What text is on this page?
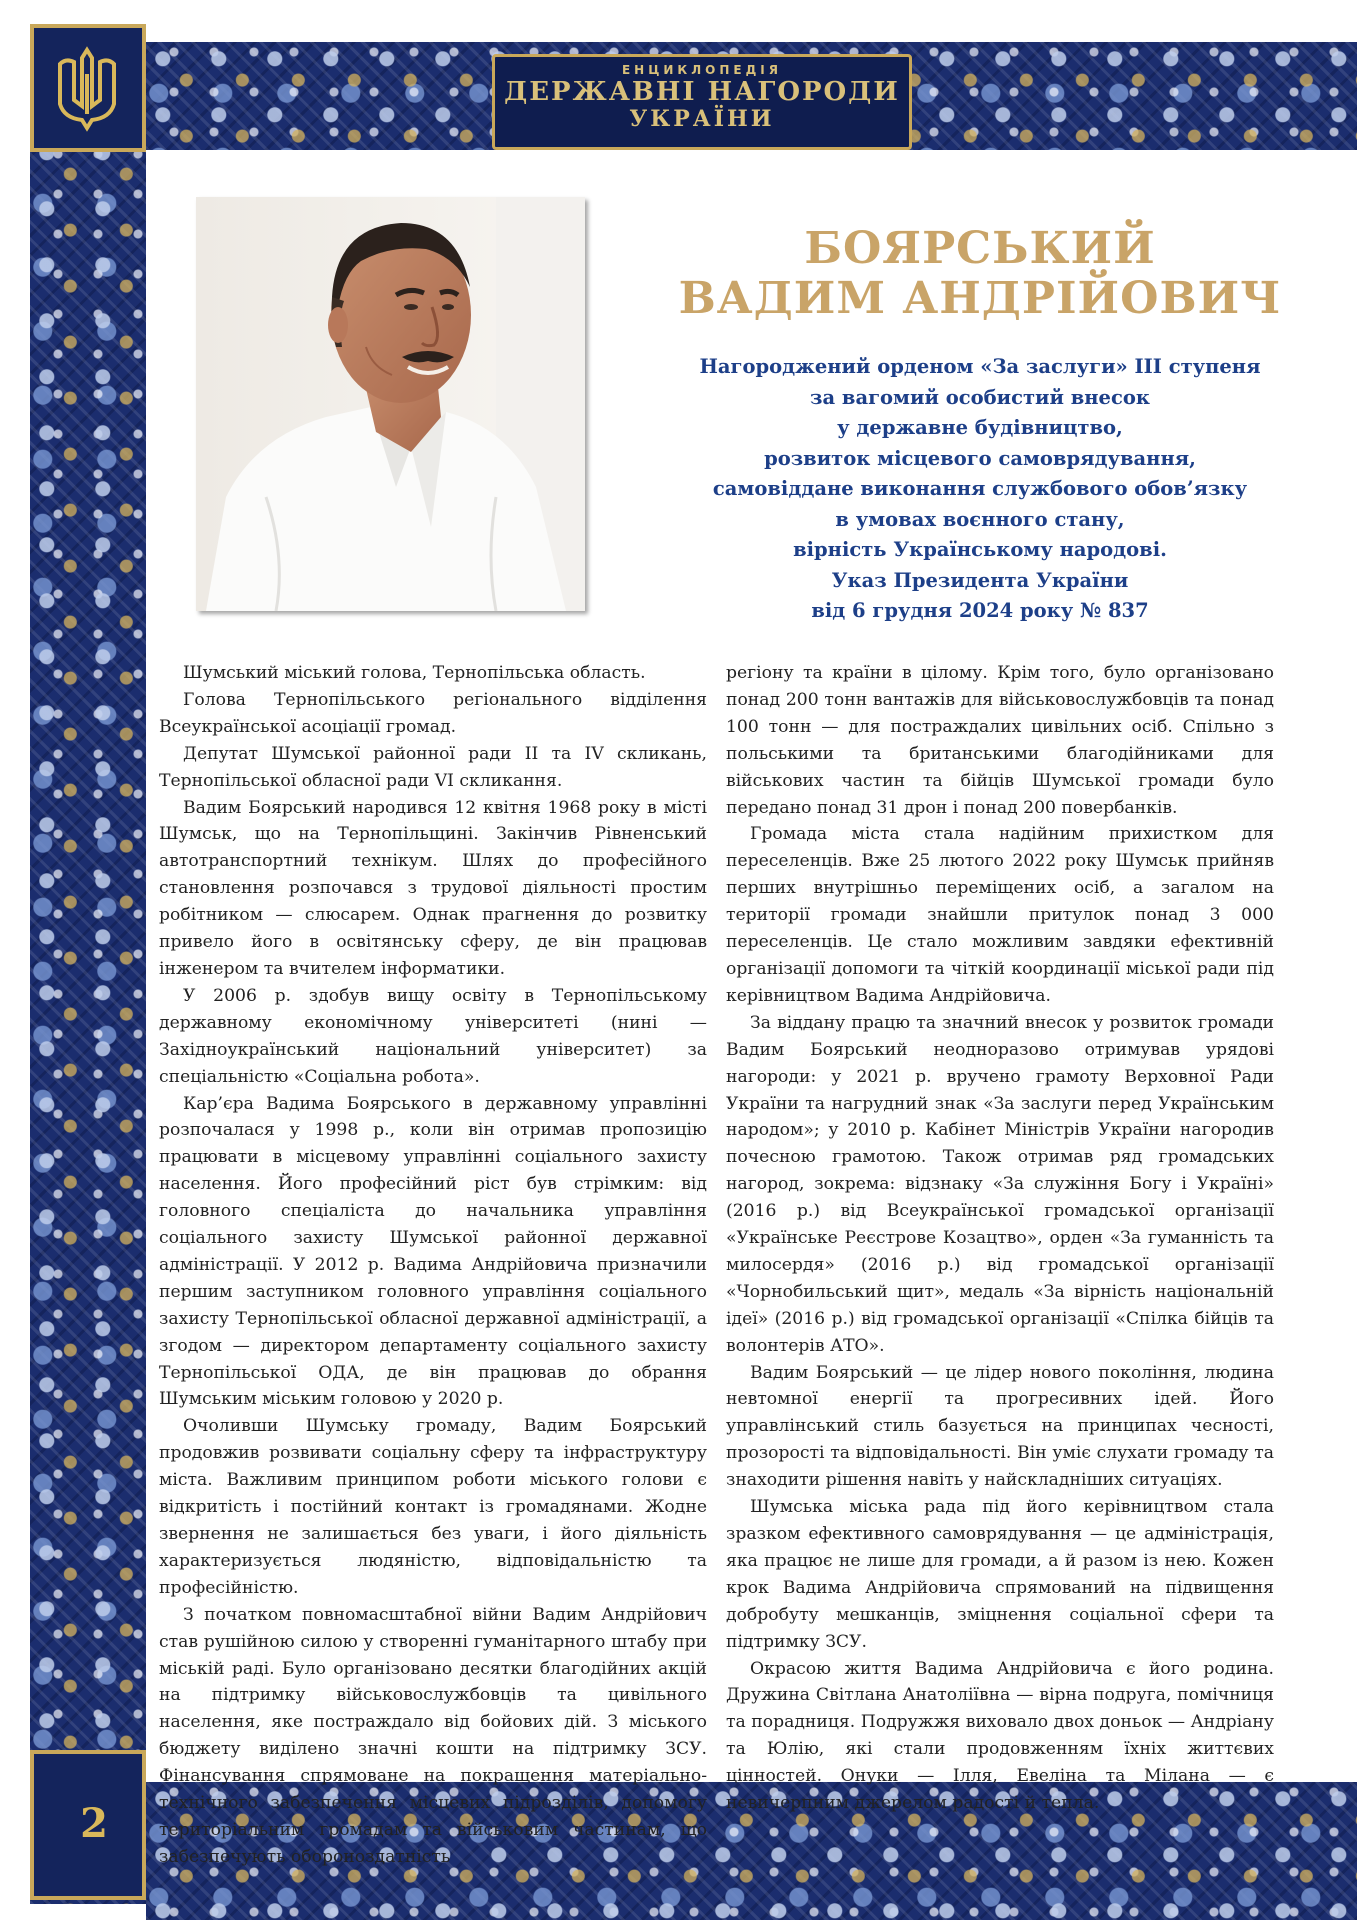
ЕНЦИКЛОПЕДІЯ
ДЕРЖАВНІ НАГОРОДИ
УКРАЇНИ
БОЯРСЬКИЙ
ВАДИМ АНДРІЙОВИЧ
Нагороджений орденом «За заслуги» ІІІ ступеня
за вагомий особистий внесок
у державне будівництво,
розвиток місцевого самоврядування,
самовіддане виконання службового обов’язку
в умовах воєнного стану,
вірність Українському народові.
Указ Президента України
від 6 грудня 2024 року № 837

Шумський міський голова, Тернопільська область.

Голова Тернопільського регіонального відділення Всеукраїнської асоціації громад.

Депутат Шумської районної ради ІІ та ІV скликань, Тернопільської обласної ради VІ скликання.

Вадим Боярський народився 12 квітня 1968 року в місті Шумськ, що на Тернопільщині. Закінчив Рівненський автотранспортний технікум. Шлях до професійного становлення розпочався з трудової діяльності простим робітником — слюсарем. Однак прагнення до розвитку привело його в освітянську сферу, де він працював інженером та вчителем інформатики.

У 2006 р. здобув вищу освіту в Тернопільському державному економічному університеті (нині — Західноукраїнський національний університет) за спеціальністю «Соціальна робота».

Кар’єра Вадима Боярського в державному управлінні розпочалася у 1998 р., коли він отримав пропозицію працювати в місцевому управлінні соціального захисту населення. Його професійний ріст був стрімким: від головного спеціаліста до начальника управління соціального захисту Шумської районної державної адміністрації. У 2012 р. Вадима Андрійовича призначили першим заступником головного управління соціального захисту Тернопільської обласної державної адміністрації, а згодом — директором департаменту соціального захисту Тернопільської ОДА, де він працював до обрання Шумським міським головою у 2020 р.

Очоливши Шумську громаду, Вадим Боярський продовжив розвивати соціальну сферу та інфраструктуру міста. Важливим принципом роботи міського голови є відкритість і постійний контакт із громадянами. Жодне звернення не залишається без уваги, і його діяльність характеризується людяністю, відповідальністю та професійністю.

З початком повномасштабної війни Вадим Андрійович став рушійною силою у створенні гуманітарного штабу при міській раді. Було організовано десятки благодійних акцій на підтримку військовослужбовців та цивільного населення, яке постраждало від бойових дій. З міського бюджету виділено значні кошти на підтримку ЗСУ. Фінансування спрямоване на покращення матеріально-технічного забезпечення місцевих підрозділів, допомогу територіальним громадам та військовим частинам, що забезпечують обороноздатність

регіону та країни в цілому. Крім того, було організовано понад 200 тонн вантажів для військовослужбовців та понад 100 тонн — для постраждалих цивільних осіб. Спільно з польськими та британськими благодійниками для військових частин та бійців Шумської громади було передано понад 31 дрон і понад 200 повербанків.

Громада міста стала надійним прихистком для переселенців. Вже 25 лютого 2022 року Шумськ прийняв перших внутрішньо переміщених осіб, а загалом на території громади знайшли притулок понад 3 000 переселенців. Це стало можливим завдяки ефективній організації допомоги та чіткій координації міської ради під керівництвом Вадима Андрійовича.

За віддану працю та значний внесок у розвиток громади Вадим Боярський неодноразово отримував урядові нагороди: у 2021 р. вручено грамоту Верховної Ради України та нагрудний знак «За заслуги перед Українським народом»; у 2010 р. Кабінет Міністрів України нагородив почесною грамотою. Також отримав ряд громадських нагород, зокрема: відзнаку «За служіння Богу і Україні» (2016 р.) від Всеукраїнської громадської організації «Українське Реєстрове Козацтво», орден «За гуманність та милосердя» (2016 р.) від громадської організації «Чорнобильський щит», медаль «За вірність національній ідеї» (2016 р.) від громадської організації «Спілка бійців та волонтерів АТО».

Вадим Боярський — це лідер нового покоління, людина невтомної енергії та прогресивних ідей. Його управлінський стиль базується на принципах чесності, прозорості та відповідальності. Він уміє слухати громаду та знаходити рішення навіть у найскладніших ситуаціях.

Шумська міська рада під його керівництвом стала зразком ефективного самоврядування — це адміністрація, яка працює не лише для громади, а й разом із нею. Кожен крок Вадима Андрійовича спрямований на підвищення добробуту мешканців, зміцнення соціальної сфери та підтримку ЗСУ.

Окрасою життя Вадима Андрійовича є його родина. Дружина Світлана Анатоліївна — вірна подруга, помічниця та порадниця. Подружжя виховало двох доньок — Андріану та Юлію, які стали продовженням їхніх життєвих цінностей. Онуки — Ілля, Евеліна та Мілана — є невичерпним джерелом радості й тепла.

2
